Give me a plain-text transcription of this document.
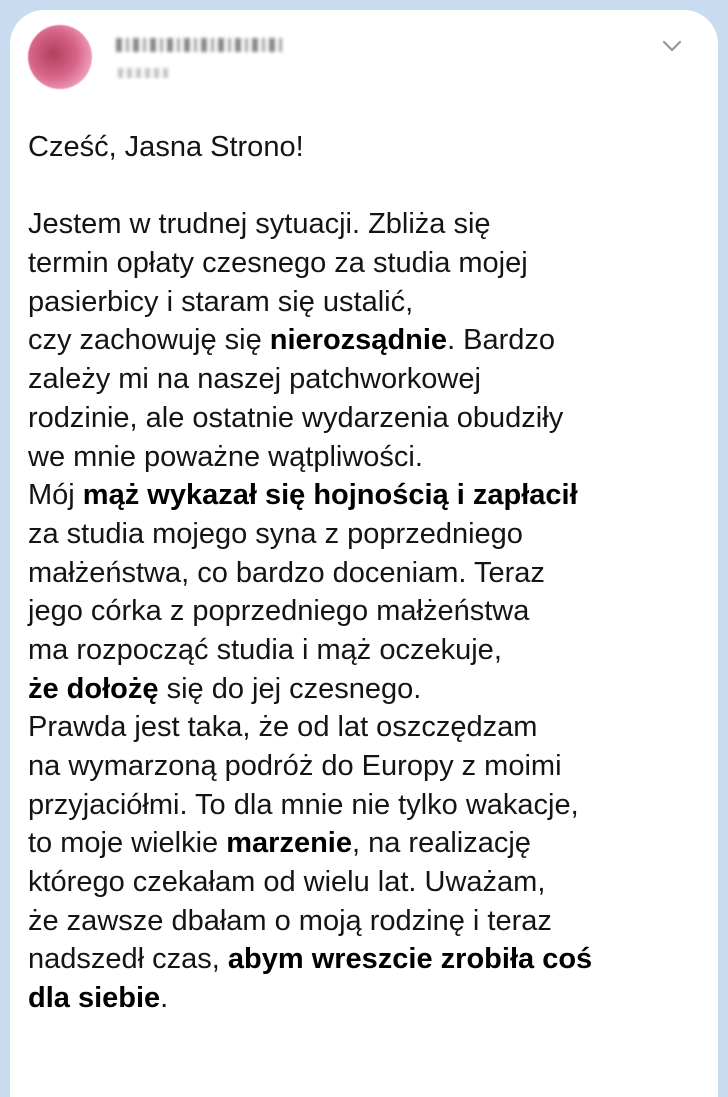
Cześć, Jasna Strono!
Jestem w trudnej sytuacji. Zbliża się
termin opłaty czesnego za studia mojej
pasierbicy i staram się ustalić,
czy zachowuję się nierozsądnie. Bardzo
zależy mi na naszej patchworkowej
rodzinie, ale ostatnie wydarzenia obudziły
we mnie poważne wątpliwości.
Mój mąż wykazał się hojnością i zapłacił
za studia mojego syna z poprzedniego
małżeństwa, co bardzo doceniam. Teraz
jego córka z poprzedniego małżeństwa
ma rozpocząć studia i mąż oczekuje,
że dołożę się do jej czesnego.
Prawda jest taka, że od lat oszczędzam
na wymarzoną podróż do Europy z moimi
przyjaciółmi. To dla mnie nie tylko wakacje,
to moje wielkie marzenie, na realizację
którego czekałam od wielu lat. Uważam,
że zawsze dbałam o moją rodzinę i teraz
nadszedł czas, abym wreszcie zrobiła coś
dla siebie.
